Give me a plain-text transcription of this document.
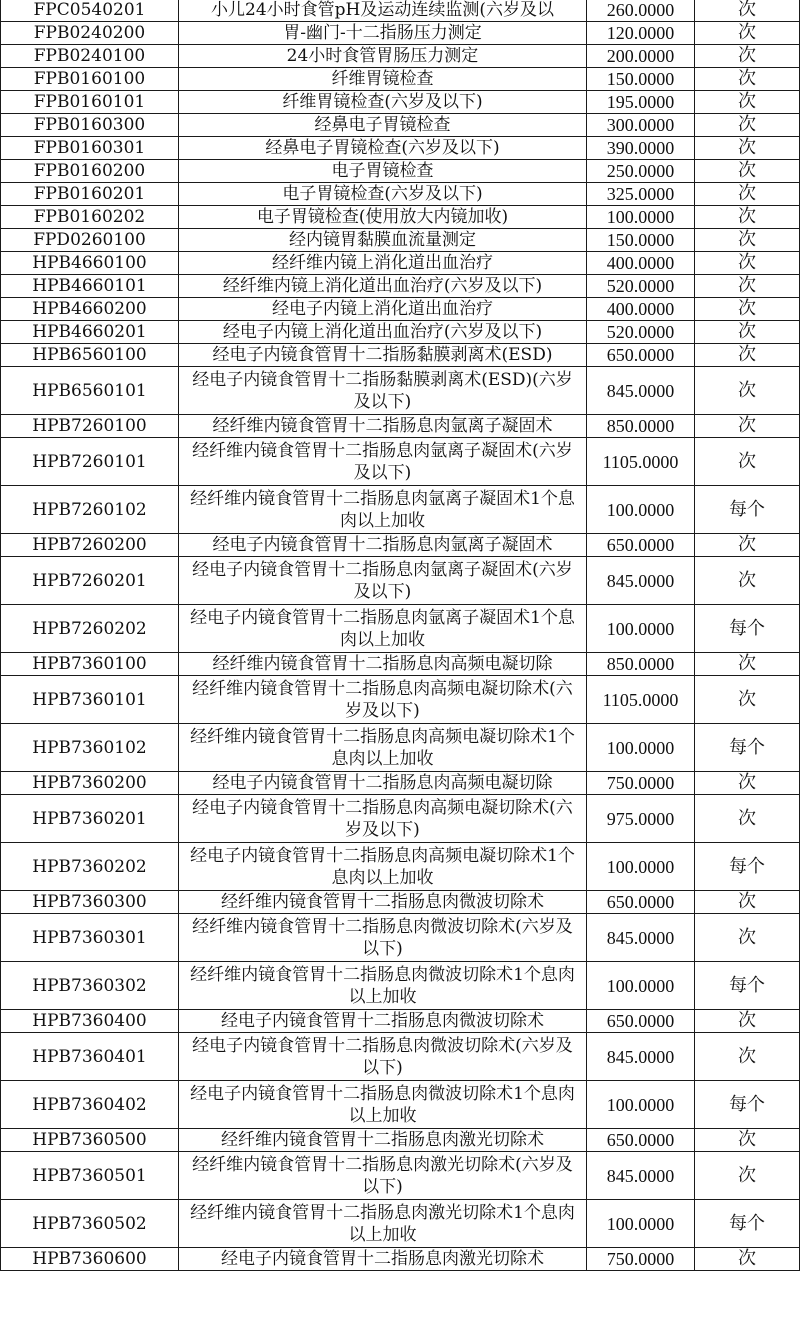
FPC0540201	小儿24小时食管pH及运动连续监测(六岁及以	260.0000	次
FPB0240200	胃-幽门-十二指肠压力测定	120.0000	次
FPB0240100	24小时食管胃肠压力测定	200.0000	次
FPB0160100	纤维胃镜检查	150.0000	次
FPB0160101	纤维胃镜检查(六岁及以下)	195.0000	次
FPB0160300	经鼻电子胃镜检查	300.0000	次
FPB0160301	经鼻电子胃镜检查(六岁及以下)	390.0000	次
FPB0160200	电子胃镜检查	250.0000	次
FPB0160201	电子胃镜检查(六岁及以下)	325.0000	次
FPB0160202	电子胃镜检查(使用放大内镜加收)	100.0000	次
FPD0260100	经内镜胃黏膜血流量测定	150.0000	次
HPB4660100	经纤维内镜上消化道出血治疗	400.0000	次
HPB4660101	经纤维内镜上消化道出血治疗(六岁及以下)	520.0000	次
HPB4660200	经电子内镜上消化道出血治疗	400.0000	次
HPB4660201	经电子内镜上消化道出血治疗(六岁及以下)	520.0000	次
HPB6560100	经电子内镜食管胃十二指肠黏膜剥离术(ESD)	650.0000	次
HPB6560101	经电子内镜食管胃十二指肠黏膜剥离术(ESD)(六岁及以下)	845.0000	次
HPB7260100	经纤维内镜食管胃十二指肠息肉氩离子凝固术	850.0000	次
HPB7260101	经纤维内镜食管胃十二指肠息肉氩离子凝固术(六岁及以下)	1105.0000	次
HPB7260102	经纤维内镜食管胃十二指肠息肉氩离子凝固术1个息肉以上加收	100.0000	每个
HPB7260200	经电子内镜食管胃十二指肠息肉氩离子凝固术	650.0000	次
HPB7260201	经电子内镜食管胃十二指肠息肉氩离子凝固术(六岁及以下)	845.0000	次
HPB7260202	经电子内镜食管胃十二指肠息肉氩离子凝固术1个息肉以上加收	100.0000	每个
HPB7360100	经纤维内镜食管胃十二指肠息肉高频电凝切除	850.0000	次
HPB7360101	经纤维内镜食管胃十二指肠息肉高频电凝切除术(六岁及以下)	1105.0000	次
HPB7360102	经纤维内镜食管胃十二指肠息肉高频电凝切除术1个息肉以上加收	100.0000	每个
HPB7360200	经电子内镜食管胃十二指肠息肉高频电凝切除	750.0000	次
HPB7360201	经电子内镜食管胃十二指肠息肉高频电凝切除术(六岁及以下)	975.0000	次
HPB7360202	经电子内镜食管胃十二指肠息肉高频电凝切除术1个息肉以上加收	100.0000	每个
HPB7360300	经纤维内镜食管胃十二指肠息肉微波切除术	650.0000	次
HPB7360301	经纤维内镜食管胃十二指肠息肉微波切除术(六岁及以下)	845.0000	次
HPB7360302	经纤维内镜食管胃十二指肠息肉微波切除术1个息肉以上加收	100.0000	每个
HPB7360400	经电子内镜食管胃十二指肠息肉微波切除术	650.0000	次
HPB7360401	经电子内镜食管胃十二指肠息肉微波切除术(六岁及以下)	845.0000	次
HPB7360402	经电子内镜食管胃十二指肠息肉微波切除术1个息肉以上加收	100.0000	每个
HPB7360500	经纤维内镜食管胃十二指肠息肉激光切除术	650.0000	次
HPB7360501	经纤维内镜食管胃十二指肠息肉激光切除术(六岁及以下)	845.0000	次
HPB7360502	经纤维内镜食管胃十二指肠息肉激光切除术1个息肉以上加收	100.0000	每个
HPB7360600	经电子内镜食管胃十二指肠息肉激光切除术	750.0000	次
